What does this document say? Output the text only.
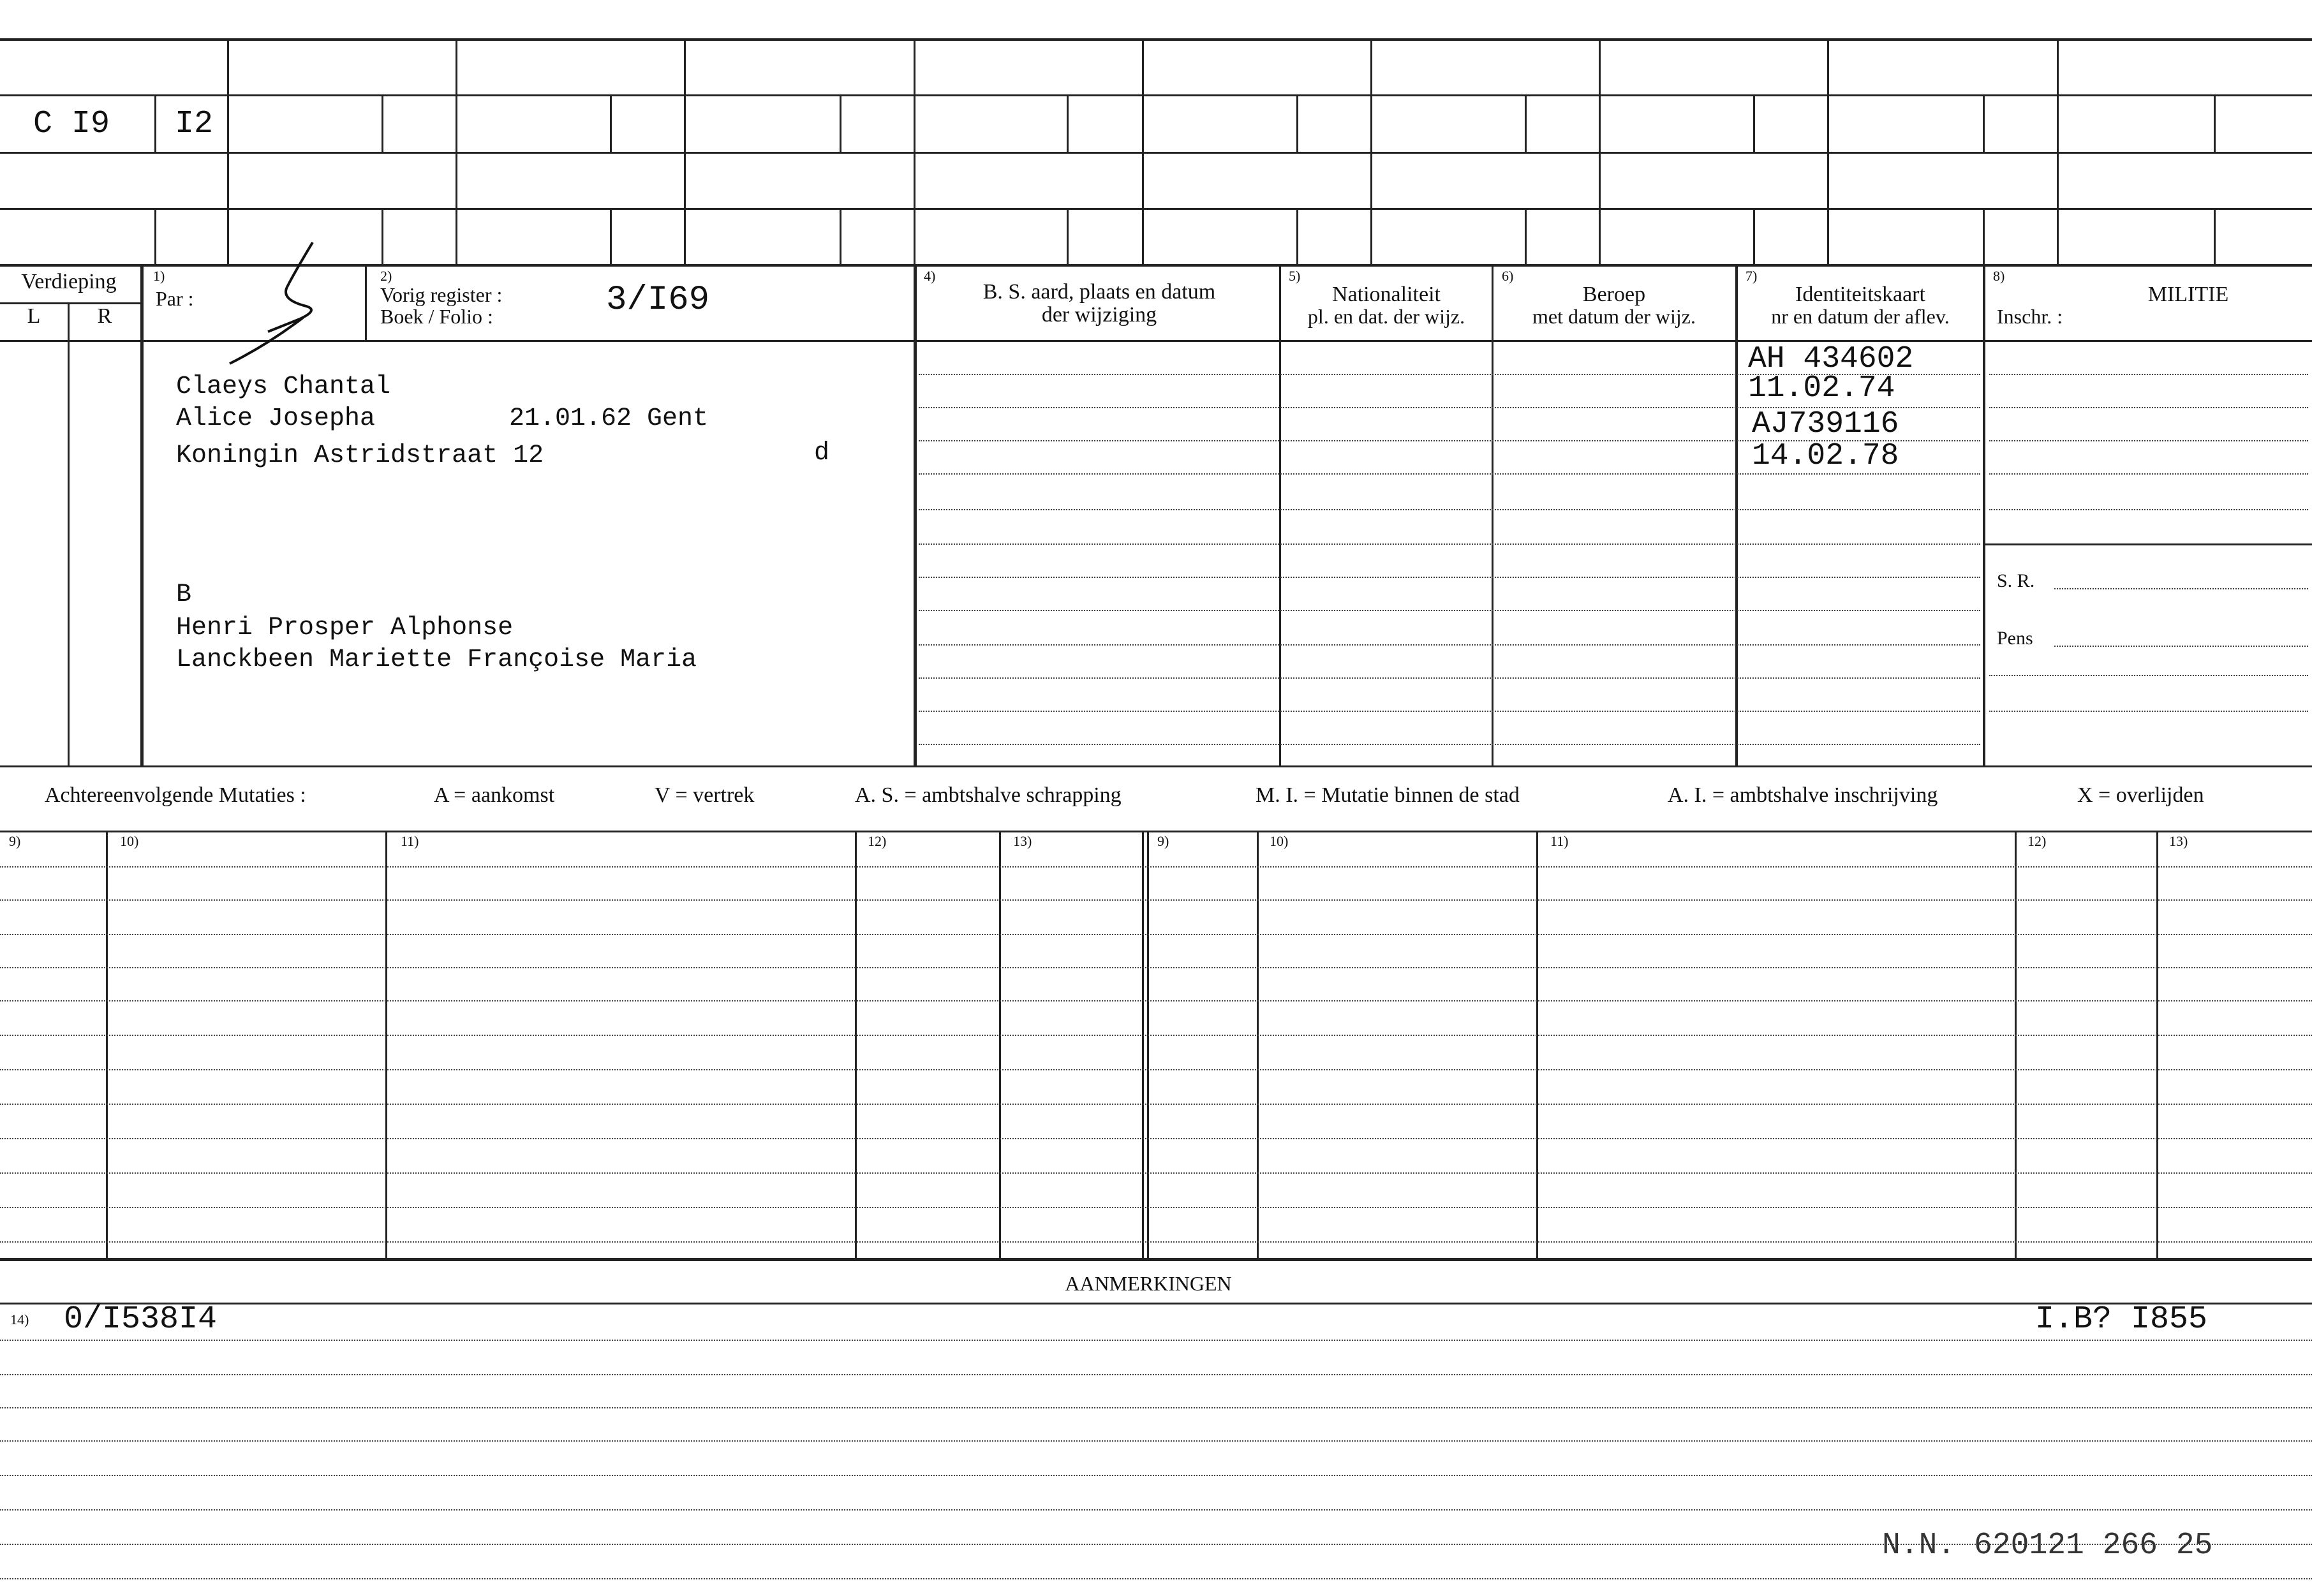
C I9 I2
Verdieping
L	R
1)
Par :
2)
Vorig register :
Boek / Folio :	3/I69
4)
B. S. aard, plaats en datum
der wijziging
5)
Nationaliteit
pl. en dat. der wijz.
6)
Beroep
met datum der wijz.
7)
Identiteitskaart
nr en datum der aflev.
8)
MILITIE
Inschr. :
Claeys Chantal
Alice Josepha	21.01.62 Gent
Koningin Astridstraat 12	d
B
Henri Prosper Alphonse
Lanckbeen Mariette Françoise Maria
AH 434602
11.02.74
AJ739116
14.02.78
S. R.
Pens
Achtereenvolgende Mutaties :	A = aankomst	V = vertrek	A. S. = ambtshalve schrapping	M. I. = Mutatie binnen de stad	A. I. = ambtshalve inschrijving	X = overlijden
9)	10)	11)	12)	13)	9)	10)	11)	12)	13)
AANMERKINGEN
14) 0/I538I4	I.B? I855
N.N. 620121 266 25
